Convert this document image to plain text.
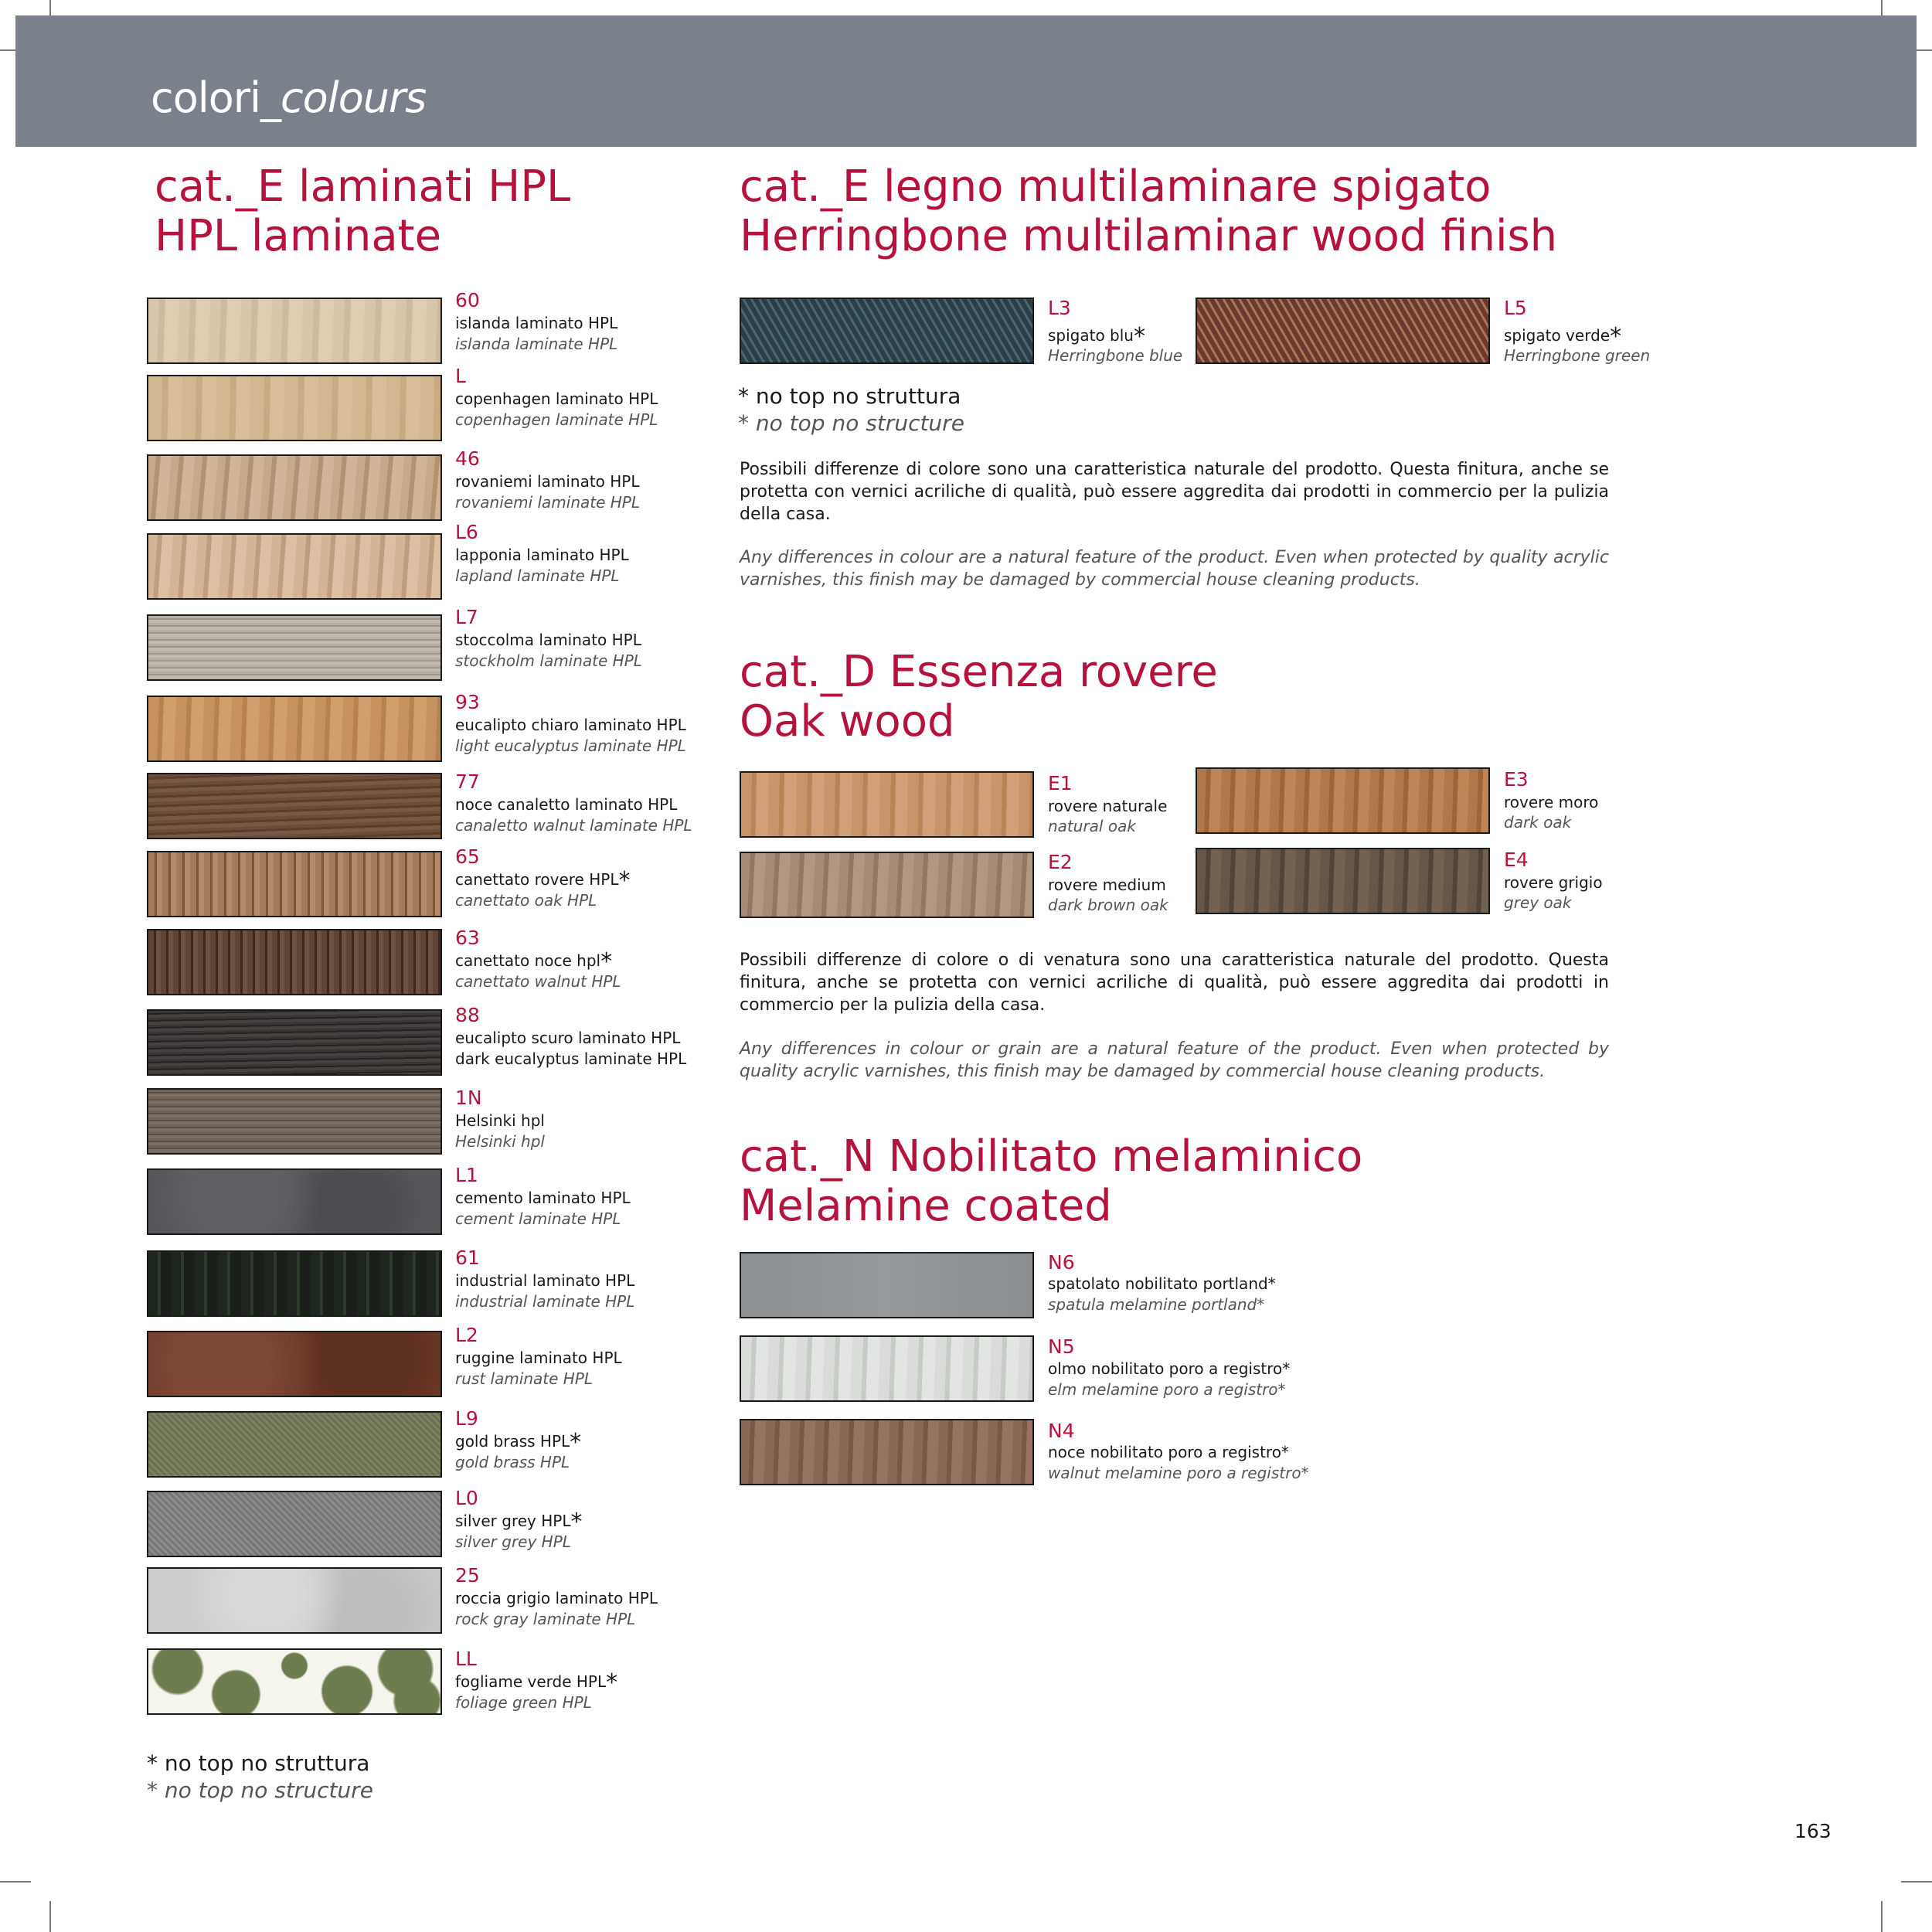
colori_colours
cat._E laminati HPL
HPL laminate
60
islanda laminato HPL
islanda laminate HPL
L
copenhagen laminato HPL
copenhagen laminate HPL
46
rovaniemi laminato HPL
rovaniemi laminate HPL
L6
lapponia laminato HPL
lapland laminate HPL
L7
stoccolma laminato HPL
stockholm laminate HPL
93
eucalipto chiaro laminato HPL
light eucalyptus laminate HPL
77
noce canaletto laminato HPL
canaletto walnut laminate HPL
65
canettato rovere HPL*
canettato oak HPL
63
canettato noce hpl*
canettato walnut HPL
88
eucalipto scuro laminato HPL
dark eucalyptus laminate HPL
1N
Helsinki hpl
Helsinki hpl
L1
cemento laminato HPL
cement laminate HPL
61
industrial laminato HPL
industrial laminate HPL
L2
ruggine laminato HPL
rust laminate HPL
L9
gold brass HPL*
gold brass HPL
L0
silver grey HPL*
silver grey HPL
25
roccia grigio laminato HPL
rock gray laminate HPL
LL
fogliame verde HPL*
foliage green HPL
* no top no struttura
* no top no structure
cat._E legno multilaminare spigato
Herringbone multilaminar wood finish
L3
spigato blu*
Herringbone blue
L5
spigato verde*
Herringbone green
* no top no struttura
* no top no structure
Possibili differenze di colore sono una caratteristica naturale del prodotto. Questa finitura, anche se protetta con vernici acriliche di qualità, può essere aggredita dai prodotti in commercio per la pulizia della casa.
Any differences in colour are a natural feature of the product. Even when protected by quality acrylic varnishes, this finish may be damaged by commercial house cleaning products.
cat._D Essenza rovere
Oak wood
E1
rovere naturale
natural oak
E3
rovere moro
dark oak
E2
rovere medium
dark brown oak
E4
rovere grigio
grey oak
Possibili differenze di colore o di venatura sono una caratteristica naturale del prodotto. Questa finitura, anche se protetta con vernici acriliche di qualità, può essere aggredita dai prodotti in commercio per la pulizia della casa.
Any differences in colour or grain are a natural feature of the product. Even when protected by quality acrylic varnishes, this finish may be damaged by commercial house cleaning products.
cat._N Nobilitato melaminico
Melamine coated
N6
spatolato nobilitato portland*
spatula melamine portland*
N5
olmo nobilitato poro a registro*
elm melamine poro a registro*
N4
noce nobilitato poro a registro*
walnut melamine poro a registro*
163
